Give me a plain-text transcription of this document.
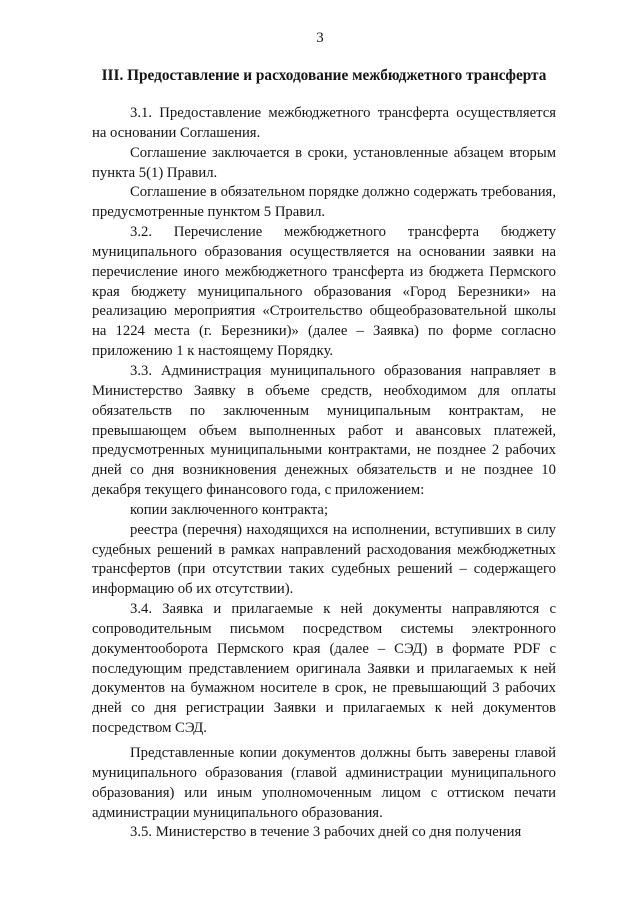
3
III. Предоставление и расходование межбюджетного трансферта

3.1. Предоставление межбюджетного трансферта осуществляется на основании Соглашения.

Соглашение заключается в сроки, установленные абзацем вторым пункта 5(1) Правил.

Соглашение в обязательном порядке должно содержать требования, предусмотренные пунктом 5 Правил.

3.2. Перечисление межбюджетного трансферта бюджету муниципального образования осуществляется на основании заявки на перечисление иного межбюджетного трансферта из бюджета Пермского края бюджету муниципального образования «Город Березники» на реализацию мероприятия «Строительство общеобразовательной школы на 1224 места (г. Березники)» (далее – Заявка) по форме согласно приложению 1 к настоящему Порядку.

3.3. Администрация муниципального образования направляет в Министерство Заявку в объеме средств, необходимом для оплаты обязательств по заключенным муниципальным контрактам, не превышающем объем выполненных работ и авансовых платежей, предусмотренных муниципальными контрактами, не позднее 2 рабочих дней со дня возникновения денежных обязательств и не позднее 10 декабря текущего финансового года, с приложением:

копии заключенного контракта;

реестра (перечня) находящихся на исполнении, вступивших в силу судебных решений в рамках направлений расходования межбюджетных трансфертов (при отсутствии таких судебных решений – содержащего информацию об их отсутствии).

3.4. Заявка и прилагаемые к ней документы направляются с сопроводительным письмом посредством системы электронного документооборота Пермского края (далее – СЭД) в формате PDF с последующим представлением оригинала Заявки и прилагаемых к ней документов на бумажном носителе в срок, не превышающий 3 рабочих дней со дня регистрации Заявки и прилагаемых к ней документов посредством СЭД.

Представленные копии документов должны быть заверены главой муниципального образования (главой администрации муниципального образования) или иным уполномоченным лицом с оттиском печати администрации муниципального образования.

3.5. Министерство в течение 3 рабочих дней со дня получения
